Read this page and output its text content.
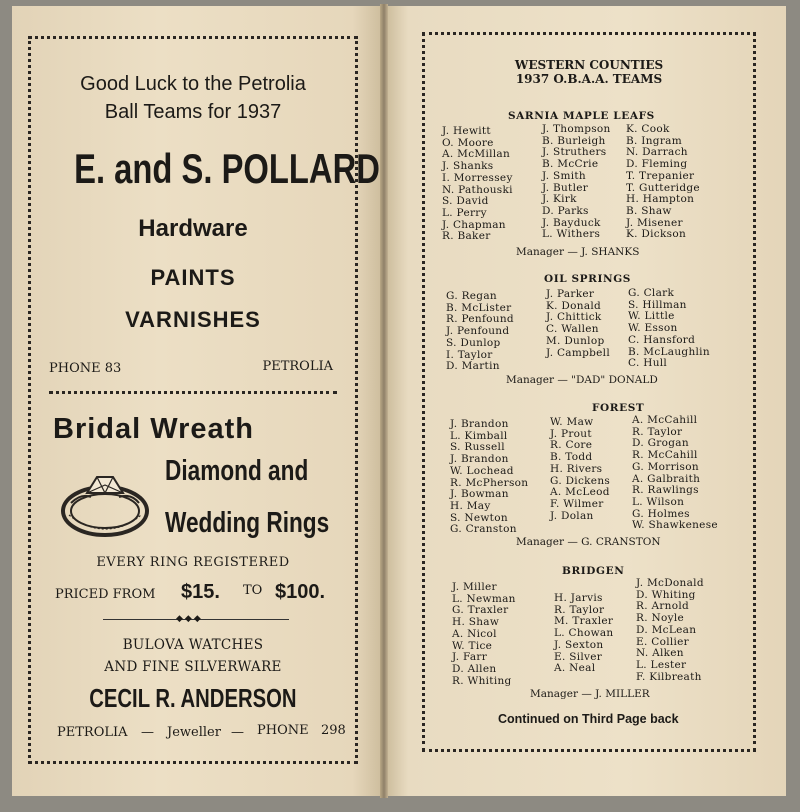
Good Luck to the Petrolia
Ball Teams for 1937
E. and S. POLLARD
Hardware
PAINTS
VARNISHES
PHONE 83	PETROLIA
Bridal Wreath
Diamond and
Wedding Rings
EVERY RING REGISTERED
PRICED FROM $15. TO $100.
◆◆◆
BULOVA WATCHES
AND FINE SILVERWARE
CECIL R. ANDERSON
PETROLIA — Jeweller — PHONE 298
WESTERN COUNTIES
1937 O.B.A.A. TEAMS
SARNIA MAPLE LEAFS
J. Hewitt
O. Moore
A. McMillan
J. Shanks
I. Morressey
N. Pathouski
S. David
L. Perry
J. Chapman
R. Baker
J. Thompson
B. Burleigh
J. Struthers
B. McCrie
J. Smith
J. Butler
J. Kirk
D. Parks
J. Bayduck
L. Withers
K. Cook
B. Ingram
N. Darrach
D. Fleming
T. Trepanier
T. Gutteridge
H. Hampton
B. Shaw
J. Misener
K. Dickson
Manager — J. SHANKS
OIL SPRINGS
G. Regan
B. McLister
R. Penfound
J. Penfound
S. Dunlop
I. Taylor
D. Martin
J. Parker
K. Donald
J. Chittick
C. Wallen
M. Dunlop
J. Campbell
G. Clark
S. Hillman
W. Little
W. Esson
C. Hansford
B. McLaughlin
C. Hull
Manager — "DAD" DONALD
FOREST
J. Brandon
L. Kimball
S. Russell
J. Brandon
W. Lochead
R. McPherson
J. Bowman
H. May
S. Newton
G. Cranston
W. Maw
J. Prout
R. Core
B. Todd
H. Rivers
G. Dickens
A. McLeod
F. Wilmer
J. Dolan
A. McCahill
R. Taylor
D. Grogan
R. McCahill
G. Morrison
A. Galbraith
R. Rawlings
L. Wilson
G. Holmes
W. Shawkenese
Manager — G. CRANSTON
BRIDGEN
J. Miller
L. Newman
G. Traxler
H. Shaw
A. Nicol
W. Tice
J. Farr
D. Allen
R. Whiting
H. Jarvis
R. Taylor
M. Traxler
L. Chowan
J. Sexton
E. Silver
A. Neal
J. McDonald
D. Whiting
R. Arnold
R. Noyle
D. McLean
E. Collier
N. Alken
L. Lester
F. Kilbreath
Manager — J. MILLER
Continued on Third Page back
